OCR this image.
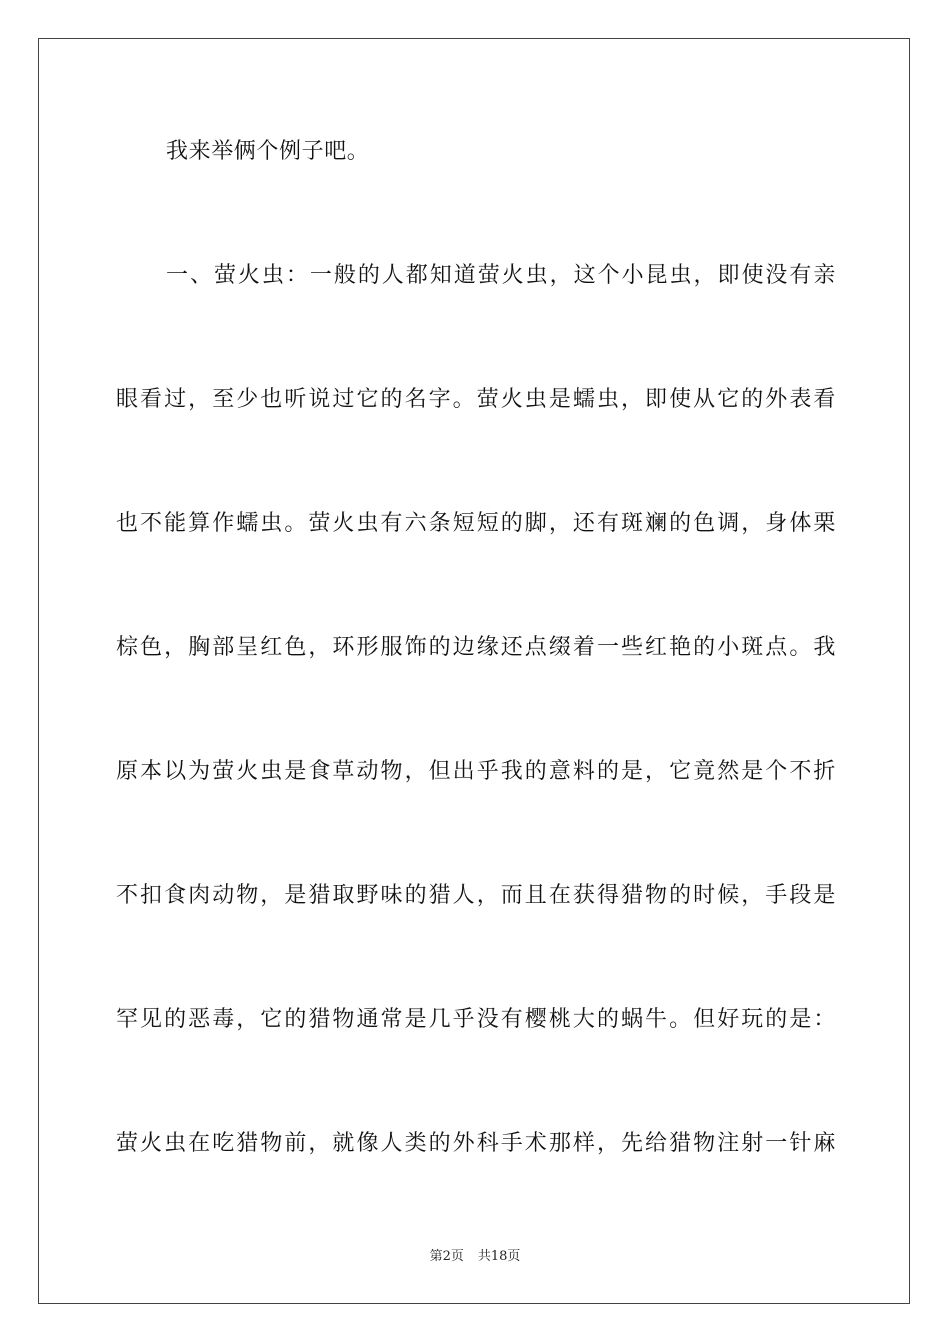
我来举俩个例子吧。
一、萤火虫：一般的人都知道萤火虫，这个小昆虫，即使没有亲
眼看过，至少也听说过它的名字。萤火虫是蠕虫，即使从它的外表看
也不能算作蠕虫。萤火虫有六条短短的脚，还有斑斓的色调，身体栗
棕色，胸部呈红色，环形服饰的边缘还点缀着一些红艳的小斑点。我
原本以为萤火虫是食草动物，但出乎我的意料的是，它竟然是个不折
不扣食肉动物，是猎取野味的猎人，而且在获得猎物的时候，手段是
罕见的恶毒，它的猎物通常是几乎没有樱桃大的蜗牛。但好玩的是：
萤火虫在吃猎物前，就像人类的外科手术那样，先给猎物注射一针麻
第2页 共18页
